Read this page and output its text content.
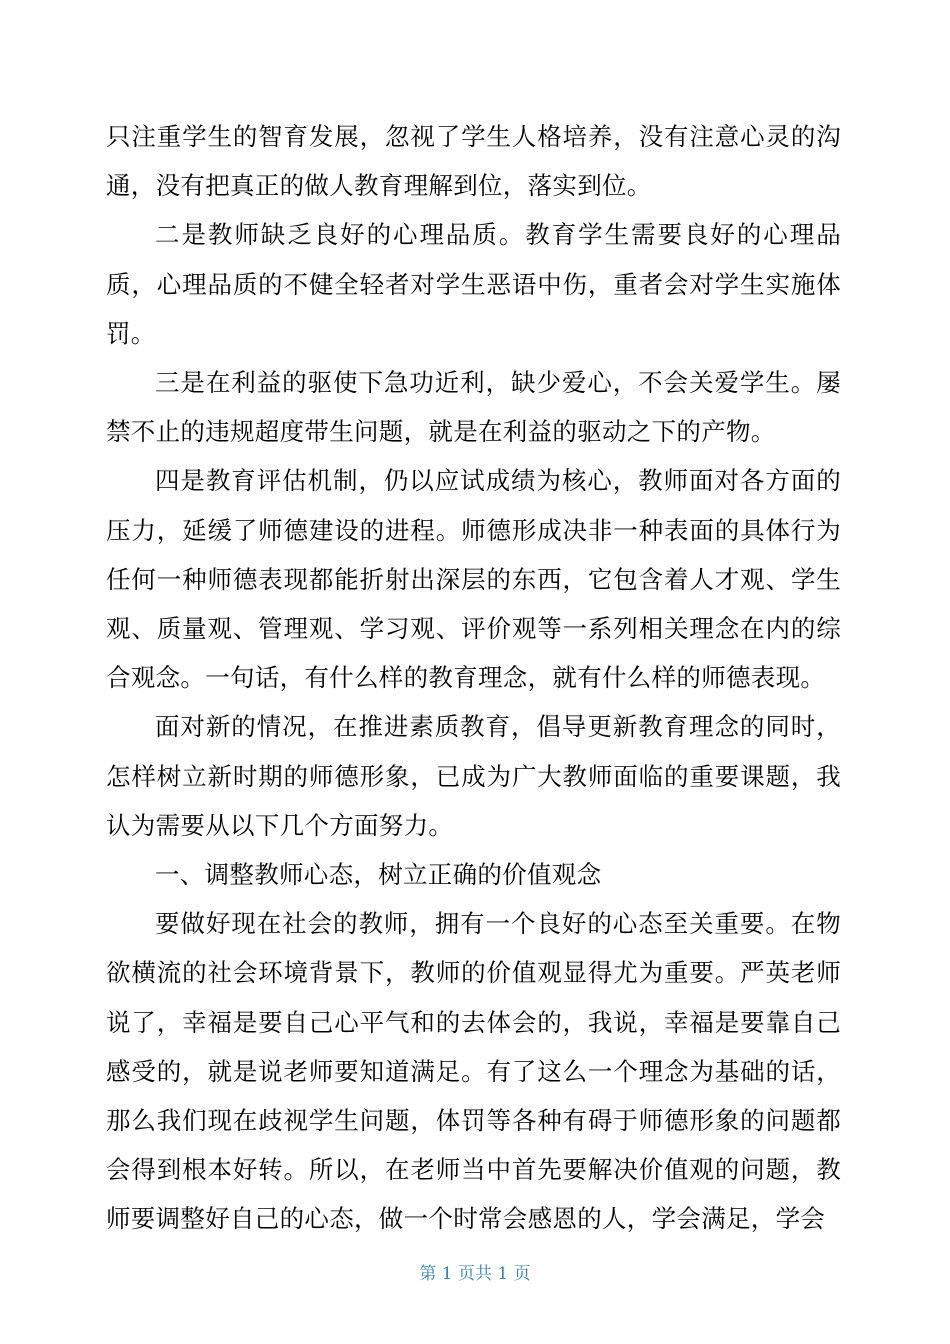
只注重学生的智育发展，忽视了学生人格培养，没有注意心灵的沟通，没有把真正的做人教育理解到位，落实到位。

二是教师缺乏良好的心理品质。教育学生需要良好的心理品质，心理品质的不健全轻者对学生恶语中伤，重者会对学生实施体罚。

三是在利益的驱使下急功近利，缺少爱心，不会关爱学生。屡禁不止的违规超度带生问题，就是在利益的驱动之下的产物。

四是教育评估机制，仍以应试成绩为核心，教师面对各方面的压力，延缓了师德建设的进程。师德形成决非一种表面的具体行为任何一种师德表现都能折射出深层的东西，它包含着人才观、学生观、质量观、管理观、学习观、评价观等一系列相关理念在内的综合观念。一句话，有什么样的教育理念，就有什么样的师德表现。

面对新的情况，在推进素质教育，倡导更新教育理念的同时，怎样树立新时期的师德形象，已成为广大教师面临的重要课题，我认为需要从以下几个方面努力。

一、调整教师心态，树立正确的价值观念

要做好现在社会的教师，拥有一个良好的心态至关重要。在物欲横流的社会环境背景下，教师的价值观显得尤为重要。严英老师说了，幸福是要自己心平气和的去体会的，我说，幸福是要靠自己感受的，就是说老师要知道满足。有了这么一个理念为基础的话，那么我们现在歧视学生问题，体罚等各种有碍于师德形象的问题都会得到根本好转。所以，在老师当中首先要解决价值观的问题，教师要调整好自己的心态，做一个时常会感恩的人，学会满足，学会

第 1 页共 1 页
